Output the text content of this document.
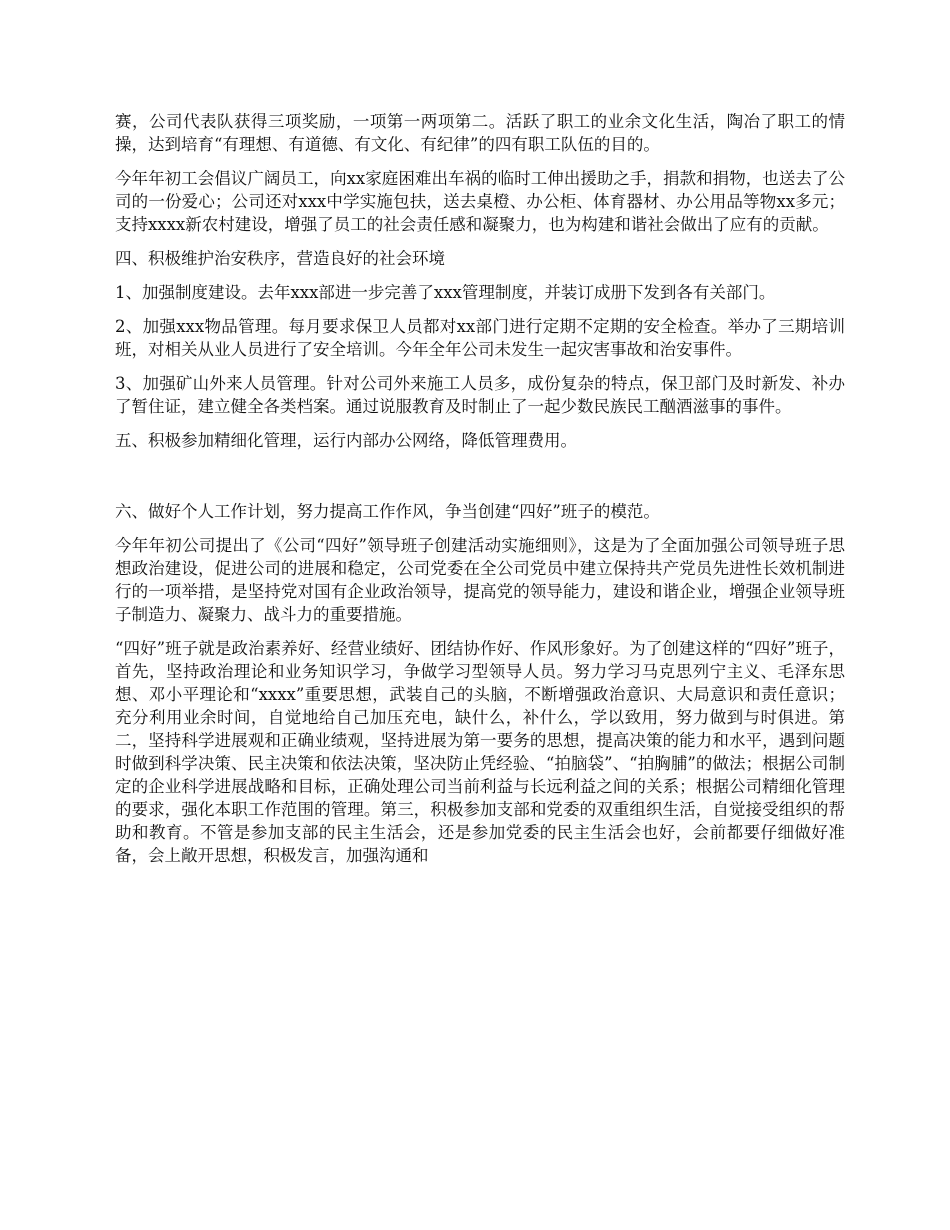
赛，公司代表队获得三项奖励，一项第一两项第二。活跃了职工的业余文化生活，陶冶了职工的情操，达到培育“有理想、有道德、有文化、有纪律”的四有职工队伍的目的。

今年年初工会倡议广阔员工，向xx家庭困难出车祸的临时工伸出援助之手，捐款和捐物，也送去了公司的一份爱心；公司还对xxx中学实施包扶，送去桌橙、办公柜、体育器材、办公用品等物xx多元；支持xxxx新农村建设，增强了员工的社会责任感和凝聚力，也为构建和谐社会做出了应有的贡献。

四、积极维护治安秩序，营造良好的社会环境

1、加强制度建设。去年xxx部进一步完善了xxx管理制度，并装订成册下发到各有关部门。

2、加强xxx物品管理。每月要求保卫人员都对xx部门进行定期不定期的安全检查。举办了三期培训班，对相关从业人员进行了安全培训。今年全年公司未发生一起灾害事故和治安事件。

3、加强矿山外来人员管理。针对公司外来施工人员多，成份复杂的特点，保卫部门及时新发、补办了暂住证，建立健全各类档案。通过说服教育及时制止了一起少数民族民工酗酒滋事的事件。

五、积极参加精细化管理，运行内部办公网络，降低管理费用。

六、做好个人工作计划，努力提高工作作风，争当创建“四好”班子的模范。

今年年初公司提出了《公司“四好”领导班子创建活动实施细则》，这是为了全面加强公司领导班子思想政治建设，促进公司的进展和稳定，公司党委在全公司党员中建立保持共产党员先进性长效机制进行的一项举措，是坚持党对国有企业政治领导，提高党的领导能力，建设和谐企业，增强企业领导班子制造力、凝聚力、战斗力的重要措施。

“四好”班子就是政治素养好、经营业绩好、团结协作好、作风形象好。为了创建这样的“四好”班子，首先，坚持政治理论和业务知识学习，争做学习型领导人员。努力学习马克思列宁主义、毛泽东思想、邓小平理论和“xxxx”重要思想，武装自己的头脑，不断增强政治意识、大局意识和责任意识；充分利用业余时间，自觉地给自己加压充电，缺什么，补什么，学以致用，努力做到与时俱进。第二，坚持科学进展观和正确业绩观，坚持进展为第一要务的思想，提高决策的能力和水平，遇到问题时做到科学决策、民主决策和依法决策，坚决防止凭经验、“拍脑袋”、“拍胸脯”的做法；根据公司制定的企业科学进展战略和目标，正确处理公司当前利益与长远利益之间的关系；根据公司精细化管理的要求，强化本职工作范围的管理。第三，积极参加支部和党委的双重组织生活，自觉接受组织的帮助和教育。不管是参加支部的民主生活会，还是参加党委的民主生活会也好，会前都要仔细做好准备，会上敞开思想，积极发言，加强沟通和
